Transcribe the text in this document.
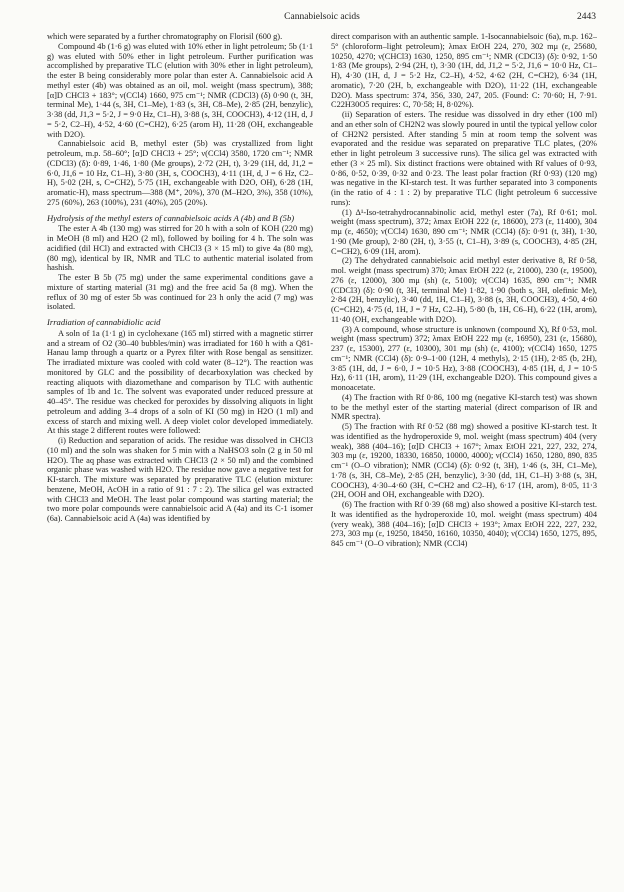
Cannabielsoic acids	2443

which were separated by a further chromatography on Florisil (600 g).

Compound 4b (1·6 g) was eluted with 10% ether in light petroleum; 5b (1·1 g) was eluted with 50% ether in light petroleum. Further purification was accomplished by preparative TLC (elution with 30% ether in light petroleum), the ester B being considerably more polar than ester A. Cannabielsoic acid A methyl ester (4b) was obtained as an oil, mol. weight (mass spectrum), 388; [α]D CHCl3 + 183°; ν(CCl4) 1660, 975 cm⁻¹; NMR (CDCl3) (δ) 0·90 (t, 3H, terminal Me), 1·44 (s, 3H, C1–Me), 1·83 (s, 3H, C8–Me), 2·85 (2H, benzylic), 3·38 (dd, J1,3 = 5·2, J = 9·0 Hz, C1–H), 3·88 (s, 3H, COOCH3), 4·12 (1H, d, J = 5·2, C2–H), 4·52, 4·60 (C=CH2), 6·25 (arom H), 11·28 (OH, exchangeable with D2O).

Cannabielsoic acid B, methyl ester (5b) was crystallized from light petroleum, m.p. 58–60°; [α]D CHCl3 + 25°; ν(CCl4) 3580, 1720 cm⁻¹; NMR (CDCl3) (δ): 0·89, 1·46, 1·80 (Me groups), 2·72 (2H, t), 3·29 (1H, dd, J1,2 = 6·0, J1,6 = 10 Hz, C1–H), 3·80 (3H, s, COOCH3), 4·11 (1H, d, J = 6 Hz, C2–H), 5·02 (2H, s, C=CH2), 5·75 (1H, exchangeable with D2O, OH), 6·28 (1H, aromatic-H), mass spectrum—388 (M⁺, 20%), 370 (M–H2O, 3%), 358 (10%), 275 (60%), 263 (100%), 231 (40%), 205 (20%).

Hydrolysis of the methyl esters of cannabielsoic acids A (4b) and B (5b)

The ester A 4b (130 mg) was stirred for 20 h with a soln of KOH (220 mg) in MeOH (8 ml) and H2O (2 ml), followed by boiling for 4 h. The soln was acidified (dil HCl) and extracted with CHCl3 (3 × 15 ml) to give 4a (80 mg), (80 mg), identical by IR, NMR and TLC to authentic material isolated from hashish.

The ester B 5b (75 mg) under the same experimental conditions gave a mixture of starting material (31 mg) and the free acid 5a (8 mg). When the reflux of 30 mg of ester 5b was continued for 23 h only the acid (7 mg) was isolated.

Irradiation of cannabidiolic acid

A soln of 1a (1·1 g) in cyclohexane (165 ml) stirred with a magnetic stirrer and a stream of O2 (30–40 bubbles/min) was irradiated for 160 h with a Q81-Hanau lamp through a quartz or a Pyrex filter with Rose bengal as sensitizer. The irradiated mixture was cooled with cold water (8–12°). The reaction was monitored by GLC and the possibility of decarboxylation was checked by reacting aliquots with diazomethane and comparison by TLC with authentic samples of 1b and 1c. The solvent was evaporated under reduced pressure at 40–45°. The residue was checked for peroxides by dissolving aliquots in light petroleum and adding 3–4 drops of a soln of KI (50 mg) in H2O (1 ml) and excess of starch and mixing well. A deep violet color developed immediately. At this stage 2 different routes were followed:

(i) Reduction and separation of acids. The residue was dissolved in CHCl3 (10 ml) and the soln was shaken for 5 min with a NaHSO3 soln (2 g in 50 ml H2O). The aq phase was extracted with CHCl3 (2 × 50 ml) and the combined organic phase was washed with H2O. The residue now gave a negative test for KI-starch. The mixture was separated by preparative TLC (elution mixture: benzene, MeOH, AcOH in a ratio of 91 : 7 : 2). The silica gel was extracted with CHCl3 and MeOH. The least polar compound was starting material; the two more polar compounds were cannabielsoic acid A (4a) and its C-1 isomer (6a). Cannabielsoic acid A (4a) was identified by

direct comparison with an authentic sample. 1-Isocannabielsoic (6a), m.p. 162–5° (chloroform–light petroleum); λmax EtOH 224, 270, 302 mμ (ε, 25680, 10250, 4270; ν(CHCl3) 1630, 1250, 895 cm⁻¹; NMR (CDCl3) (δ): 0·92, 1·50 1·83 (Me groups), 2·94 (2H, t), 3·30 (1H, dd, J1,2 = 5·2, J1,6 = 10·0 Hz, C1–H), 4·30 (1H, d, J = 5·2 Hz, C2–H), 4·52, 4·62 (2H, C=CH2), 6·34 (1H, aromatic), 7·20 (2H, b, exchangeable with D2O), 11·22 (1H, exchangeable D2O). Mass spectrum: 374, 356, 330, 247, 205. (Found: C: 70·60; H, 7·91. C22H30O5 requires: C, 70·58; H, 8·02%).

(ii) Separation of esters. The residue was dissolved in dry ether (100 ml) and an ether soln of CH2N2 was slowly poured in until the typical yellow color of CH2N2 persisted. After standing 5 min at room temp the solvent was evaporated and the residue was separated on preparative TLC plates, (20% ether in light petroleum 3 successive runs). The silica gel was extracted with ether (3 × 25 ml). Six distinct fractions were obtained with Rf values of 0·93, 0·86, 0·52, 0·39, 0·32 and 0·23. The least polar fraction (Rf 0·93) (120 mg) was negative in the KI-starch test. It was further separated into 3 components (in the ratio of 4 : 1 : 2) by preparative TLC (light petroleum 6 successive runs):

(1) Δ¹-Iso-tetrahydrocannabinolic acid, methyl ester (7a), Rf 0·61; mol. weight (mass spectrum), 372; λmax EtOH 222 (ε, 18600), 273 (ε, 11400), 304 mμ (ε, 4650); ν(CCl4) 1630, 890 cm⁻¹; NMR (CCl4) (δ): 0·91 (t, 3H), 1·30, 1·90 (Me group), 2·80 (2H, t), 3·55 (t, C1–H), 3·89 (s, COOCH3), 4·85 (2H, C=CH2), 6·09 (1H, arom).

(2) The dehydrated cannabielsoic acid methyl ester derivative 8, Rf 0·58, mol. weight (mass spectrum) 370; λmax EtOH 222 (ε, 21000), 230 (ε, 19500), 276 (ε, 12000), 300 mμ (sh) (ε, 5100); ν(CCl4) 1635, 890 cm⁻¹; NMR (CDCl3) (δ): 0·90 (t, 3H, terminal Me) 1·82, 1·90 (both s, 3H, olefinic Me), 2·84 (2H, benzylic), 3·40 (dd, 1H, C1–H), 3·88 (s, 3H, COOCH3), 4·50, 4·60 (C=CH2), 4·75 (d, 1H, J = 7 Hz, C2–H), 5·80 (b, 1H, C6–H), 6·22 (1H, arom), 11·40 (OH, exchangeable with D2O).

(3) A compound, whose structure is unknown (compound X), Rf 0·53, mol. weight (mass spectrum) 372; λmax EtOH 222 mμ (ε, 16950), 231 (ε, 15680), 237 (ε, 15300), 277 (ε, 10300), 301 mμ (sh) (ε, 4100); ν(CCl4) 1650, 1275 cm⁻¹; NMR (CCl4) (δ): 0·9–1·00 (12H, 4 methyls), 2·15 (1H), 2·85 (b, 2H), 3·85 (1H, dd, J = 6·0, J = 10·5 Hz), 3·88 (COOCH3), 4·85 (1H, d, J = 10·5 Hz), 6·11 (1H, arom), 11·29 (1H, exchangeable D2O). This compound gives a monoacetate.

(4) The fraction with Rf 0·86, 100 mg (negative KI-starch test) was shown to be the methyl ester of the starting material (direct comparison of IR and NMR spectra).

(5) The fraction with Rf 0·52 (88 mg) showed a positive KI-starch test. It was identified as the hydroperoxide 9, mol. weight (mass spectrum) 404 (very weak), 388 (404–16); [α]D CHCl3 + 167°; λmax EtOH 221, 227, 232, 274, 303 mμ (ε, 19200, 18330, 16850, 10000, 4000); ν(CCl4) 1650, 1280, 890, 835 cm⁻¹ (O–O vibration); NMR (CCl4) (δ): 0·92 (t, 3H), 1·46 (s, 3H, C1–Me), 1·78 (s, 3H, C8–Me), 2·85 (2H, benzylic), 3·30 (dd, 1H, C1–H) 3·88 (s, 3H, COOCH3), 4·30–4·60 (3H, C=CH2 and C2–H), 6·17 (1H, arom), 8·05, 11·3 (2H, OOH and OH, exchangeable with D2O).

(6) The fraction with Rf 0·39 (68 mg) also showed a positive KI-starch test. It was identified as the hydroperoxide 10, mol. weight (mass spectrum) 404 (very weak), 388 (404–16); [α]D CHCl3 + 193°; λmax EtOH 222, 227, 232, 273, 303 mμ (ε, 19250, 18450, 16160, 10350, 4040); ν(CCl4) 1650, 1275, 895, 845 cm⁻¹ (O–O vibration); NMR (CCl4)
